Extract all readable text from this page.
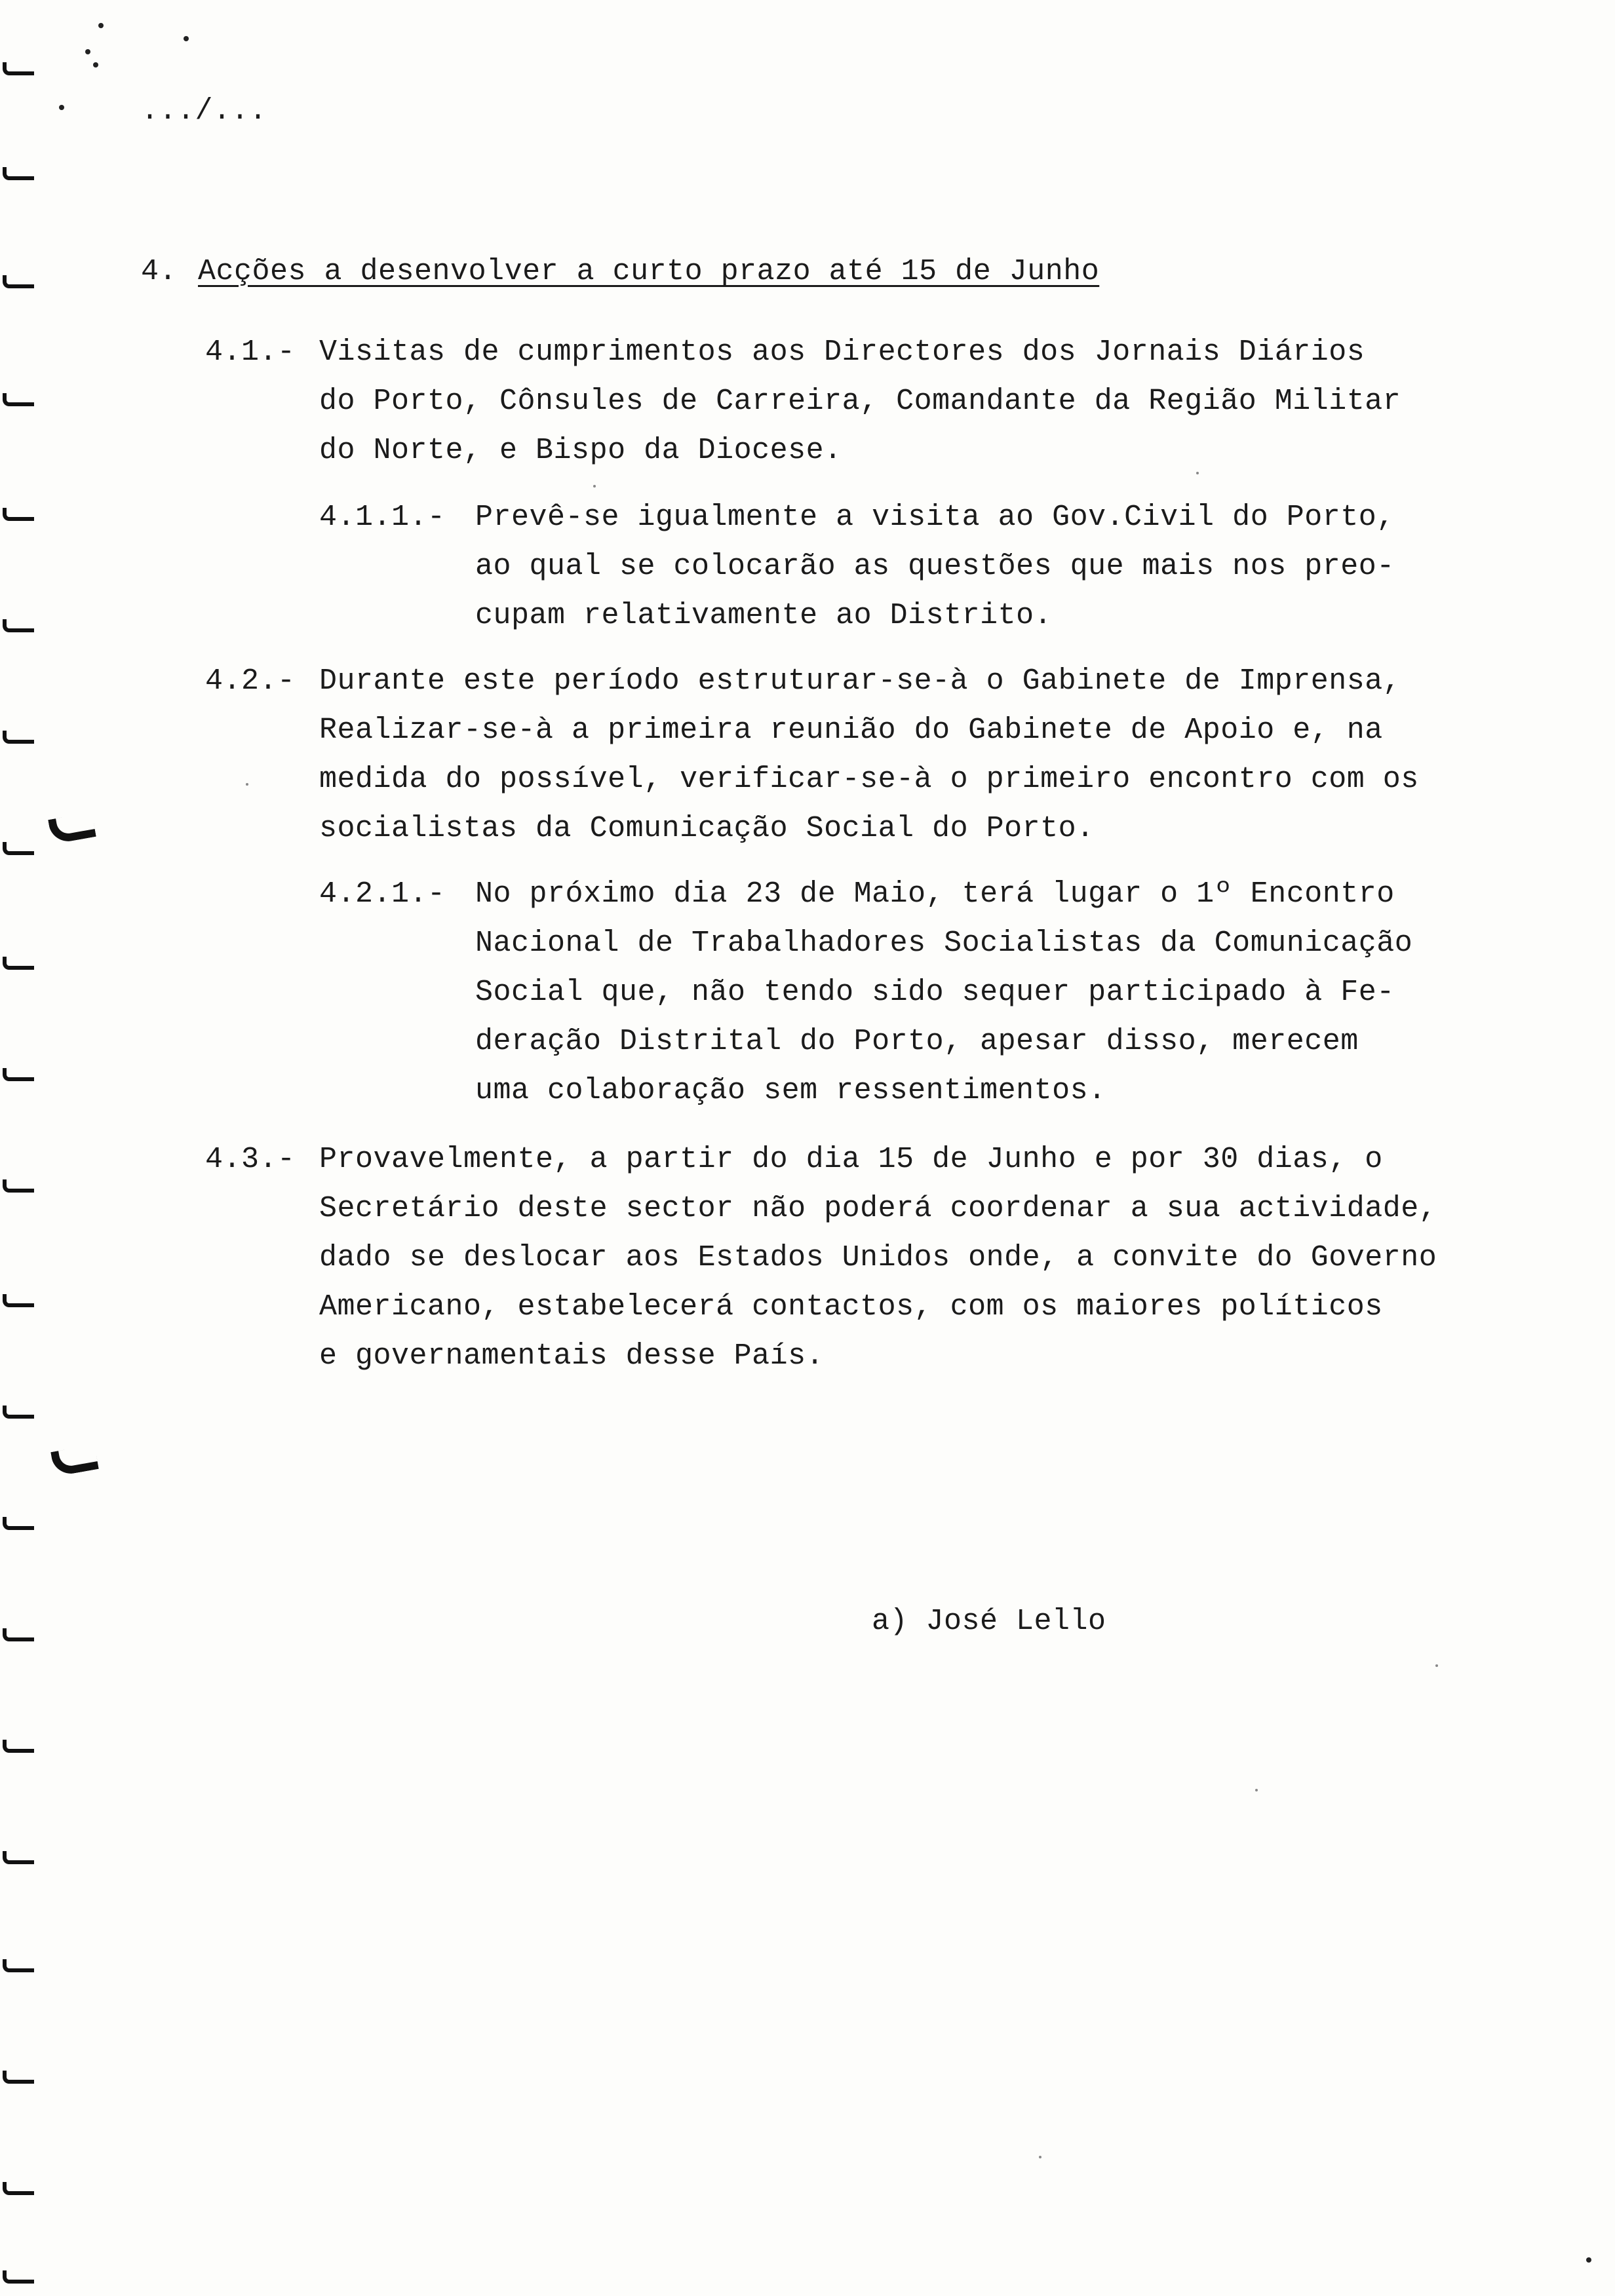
.../...
4. Acções a desenvolver a curto prazo até 15 de Junho
4.1.- Visitas de cumprimentos aos Directores dos Jornais Diários
do Porto, Cônsules de Carreira, Comandante da Região Militar
do Norte, e Bispo da Diocese.
4.1.1.- Prevê-se igualmente a visita ao Gov.Civil do Porto,
ao qual se colocarão as questões que mais nos preo-
cupam relativamente ao Distrito.
4.2.- Durante este período estruturar-se-à o Gabinete de Imprensa,
Realizar-se-à a primeira reunião do Gabinete de Apoio e, na
medida do possível, verificar-se-à o primeiro encontro com os
socialistas da Comunicação Social do Porto.
4.2.1.- No próximo dia 23 de Maio, terá lugar o 1º Encontro
Nacional de Trabalhadores Socialistas da Comunicação
Social que, não tendo sido sequer participado à Fe-
deração Distrital do Porto, apesar disso, merecem
uma colaboração sem ressentimentos.
4.3.- Provavelmente, a partir do dia 15 de Junho e por 30 dias, o
Secretário deste sector não poderá coordenar a sua actividade,
dado se deslocar aos Estados Unidos onde, a convite do Governo
Americano, estabelecerá contactos, com os maiores políticos
e governamentais desse País.
a) José Lello
